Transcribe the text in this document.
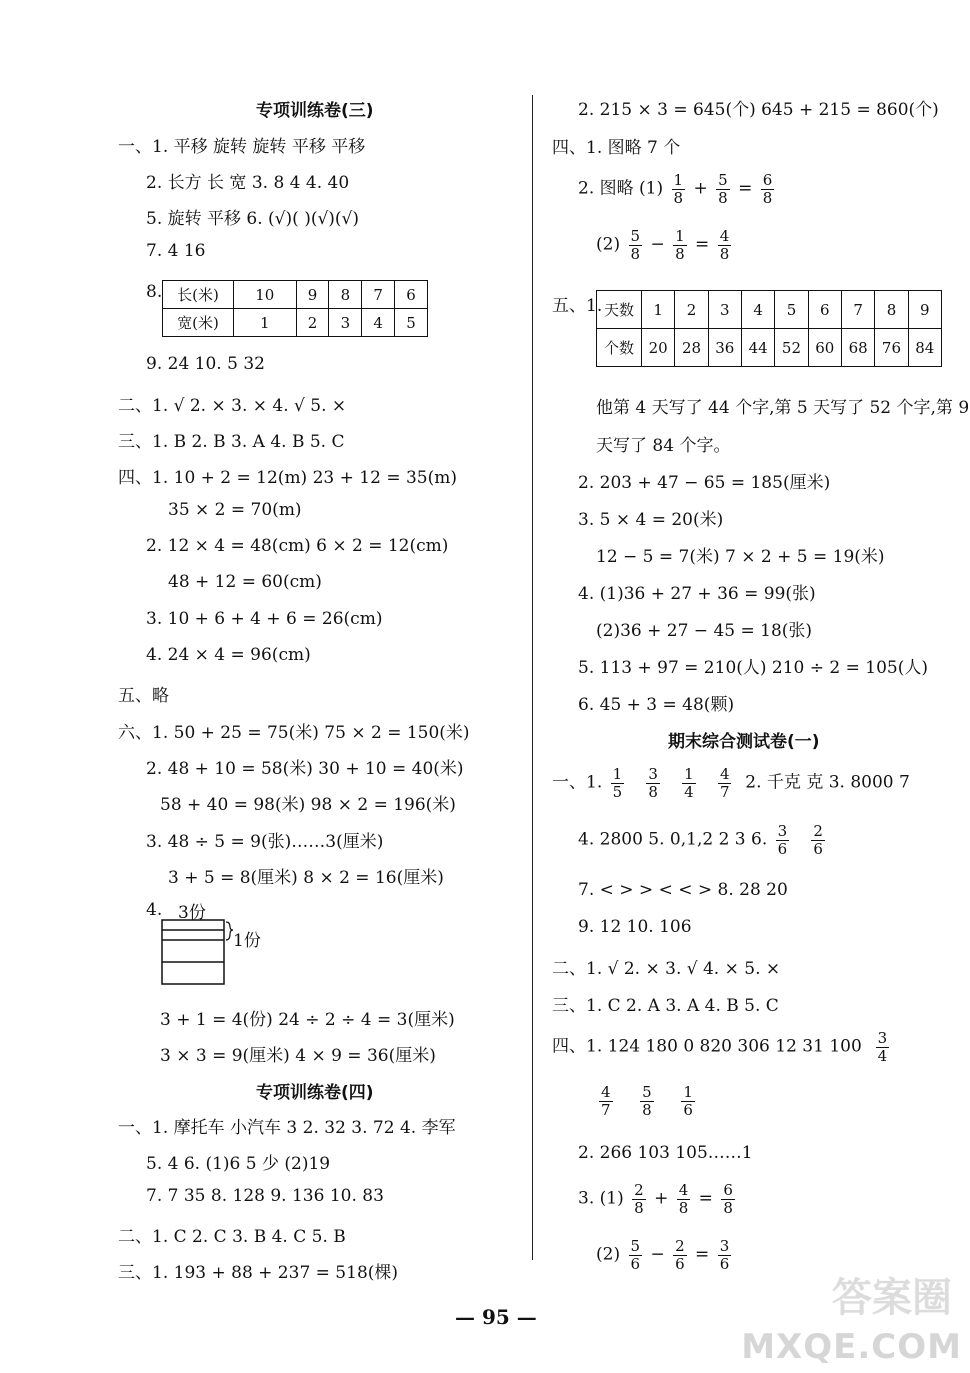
专项训练卷(三)
一、1. 平移 旋转 旋转 平移 平移
2. 长方 长 宽 3. 8 4 4. 40
5. 旋转 平移 6. (√)( )(√)(√)
7. 4 16
8. 长(米)	10	9	8	7	6
宽(米)	1	2	3	4	5
9. 24 10. 5 32
二、1. √ 2. × 3. × 4. √ 5. ×
三、1. B 2. B 3. A 4. B 5. C
四、1. 10 + 2 = 12(m) 23 + 12 = 35(m)
35 × 2 = 70(m)
2. 12 × 4 = 48(cm) 6 × 2 = 12(cm)
48 + 12 = 60(cm)
3. 10 + 6 + 4 + 6 = 26(cm)
4. 24 × 4 = 96(cm)
五、略
六、1. 50 + 25 = 75(米) 75 × 2 = 150(米)
2. 48 + 10 = 58(米) 30 + 10 = 40(米)
58 + 40 = 98(米) 98 × 2 = 196(米)
3. 48 ÷ 5 = 9(张)……3(厘米)
3 + 5 = 8(厘米) 8 × 2 = 16(厘米)
4. 3份
1份
3 + 1 = 4(份) 24 ÷ 2 ÷ 4 = 3(厘米)
3 × 3 = 9(厘米) 4 × 9 = 36(厘米)
专项训练卷(四)
一、1. 摩托车 小汽车 3 2. 32 3. 72 4. 李军
5. 4 6. (1)6 5 少 (2)19
7. 7 35 8. 128 9. 136 10. 83
二、1. C 2. C 3. B 4. C 5. B
三、1. 193 + 88 + 237 = 518(棵)
2. 215 × 3 = 645(个) 645 + 215 = 860(个)
四、1. 图略 7 个
2. 图略 $(1) \frac{1}{8} + \frac{5}{8} = \frac{6}{8}$
$(2) \frac{5}{8} - \frac{1}{8} = \frac{4}{8}$
五、1. 天数	1	2	3	4	5	6	7	8	9
个数	20	28	36	44	52	60	68	76	84
他第 4 天写了 44 个字,第 5 天写了 52 个字,第 9
天写了 84 个字。
2. 203 + 47 − 65 = 185(厘米)
3. 5 × 4 = 20(米)
12 − 5 = 7(米) 7 × 2 + 5 = 19(米)
4. (1)36 + 27 + 36 = 99(张)
(2)36 + 27 − 45 = 18(张)
5. 113 + 97 = 210(人) 210 ÷ 2 = 105(人)
6. 45 + 3 = 48(颗)
期末综合测试卷(一)
一、1. $\frac{1}{5}$
$\frac{3}{8}$
$\frac{1}{4}$
$\frac{4}{7} 2$. 千克 克 3. 8000 7
4. 2800 5. 0,1,2 2 3 6. $\frac{3}{6}$
$\frac{2}{6}$
7. < > > < < > 8. 28 20
9. 12 10. 106
二、1. √ 2. × 3. √ 4. × 5. ×
三、1. C 2. A 3. A 4. B 5. C
四、1. 124 180 0 820 306 12 31 $100 \frac{3}{4}$
$\frac{4}{7}$
$\frac{5}{8}$
$\frac{1}{6}$
2. 266 103 105……1
3. $(1) \frac{2}{8} + \frac{4}{8} = \frac{6}{8}$
$(2) \frac{5}{6} - \frac{2}{6} = \frac{3}{6}$
— 95 —	答案圈
MXQE.COM
